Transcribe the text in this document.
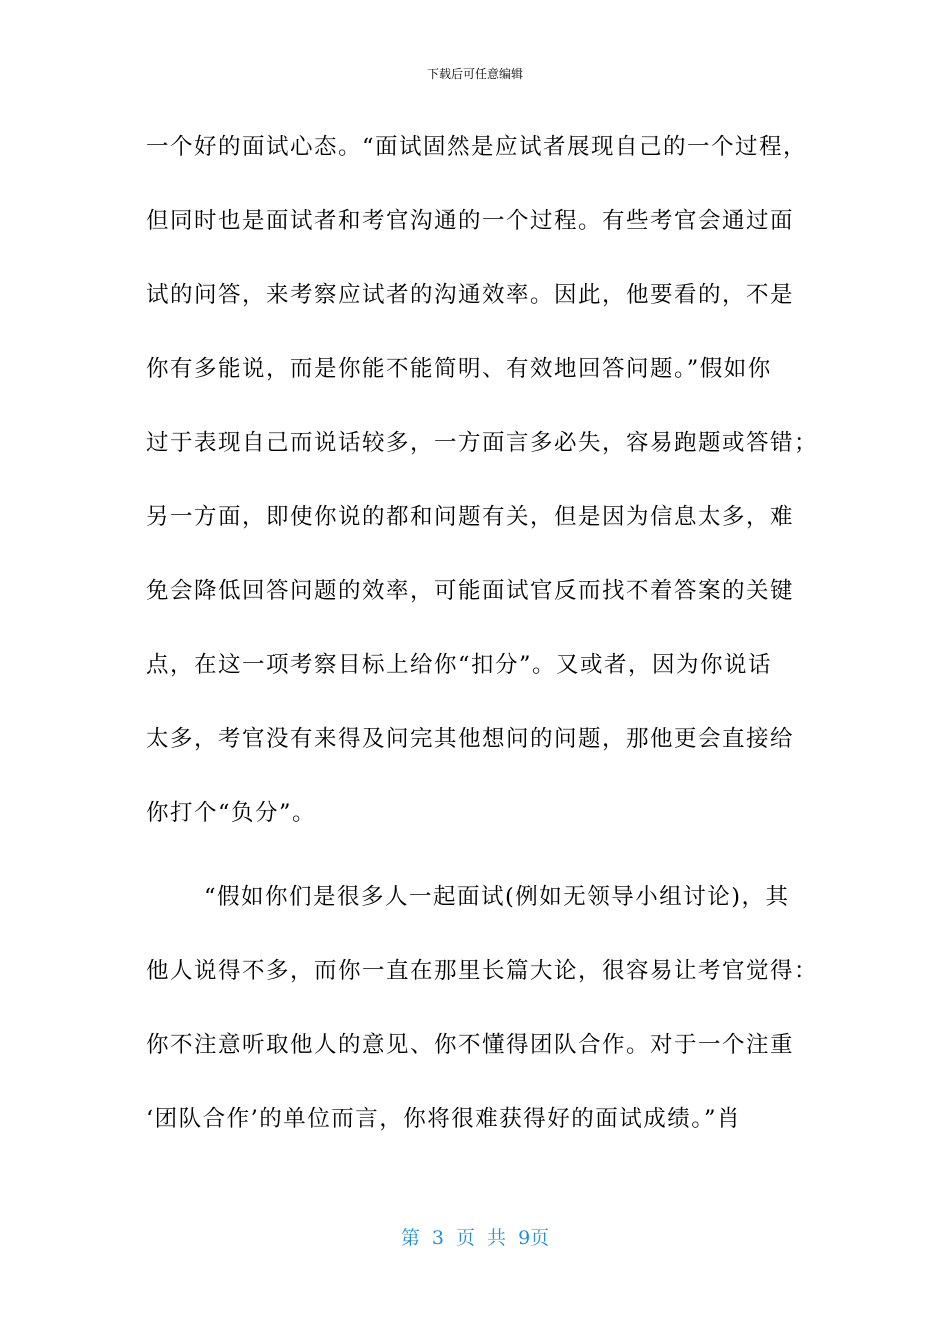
下载后可任意编辑
一个好的面试心态。“面试固然是应试者展现自己的一个过程，
但同时也是面试者和考官沟通的一个过程。有些考官会通过面
试的问答，来考察应试者的沟通效率。因此，他要看的，不是
你有多能说，而是你能不能简明、有效地回答问题。”假如你
过于表现自己而说话较多，一方面言多必失，容易跑题或答错；
另一方面，即使你说的都和问题有关，但是因为信息太多，难
免会降低回答问题的效率，可能面试官反而找不着答案的关键
点，在这一项考察目标上给你“扣分”。又或者，因为你说话
太多，考官没有来得及问完其他想问的问题，那他更会直接给
你打个“负分”。
“假如你们是很多人一起面试(例如无领导小组讨论)，其
他人说得不多，而你一直在那里长篇大论，很容易让考官觉得：
你不注意听取他人的意见、你不懂得团队合作。对于一个注重
‘团队合作’的单位而言，你将很难获得好的面试成绩。”肖
第 3 页 共 9页
